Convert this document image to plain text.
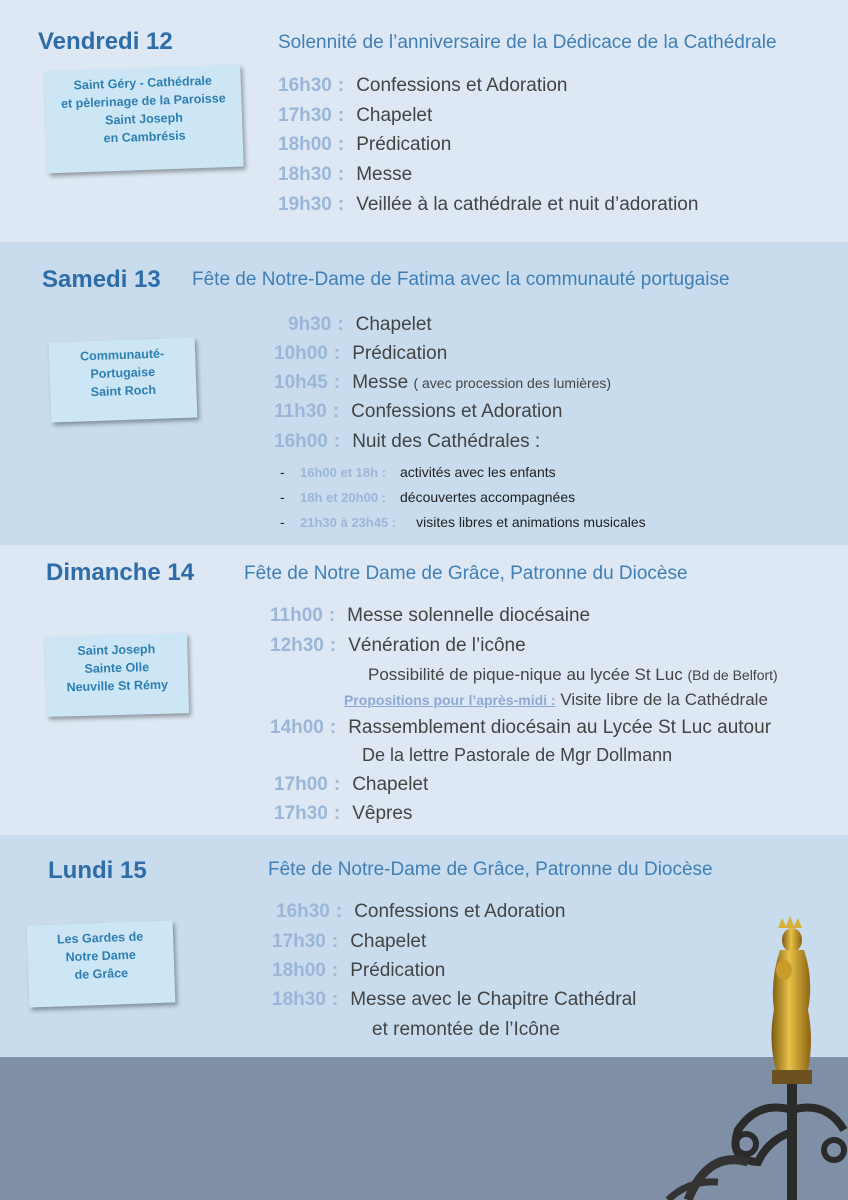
Vendredi 12	Solennité de l’anniversaire de la Dédicace de la Cathédrale
Saint Géry - Cathédrale
et pèlerinage de la Paroisse
Saint Joseph
en Cambrésis
16h30 : Confessions et Adoration
17h30 : Chapelet
18h00 : Prédication
18h30 : Messe
19h30 : Veillée à la cathédrale et nuit d’adoration
Samedi 13 Fête de Notre-Dame de Fatima avec la communauté portugaise
Communauté-
Portugaise
Saint Roch
9h30 : Chapelet
10h00 : Prédication
10h45 : Messe ( avec procession des lumières)
11h30 : Confessions et Adoration
16h00 : Nuit des Cathédrales :
- 16h00 et 18h : activités avec les enfants
- 18h et 20h00 : découvertes accompagnées
- 21h30 à 23h45 : visites libres et animations musicales
Dimanche 14	Fête de Notre Dame de Grâce, Patronne du Diocèse
Saint Joseph
Sainte Olle
Neuville St Rémy
11h00 : Messe solennelle diocésaine
12h30 : Vénération de l’icône
Possibilité de pique-nique au lycée St Luc (Bd de Belfort)
Propositions pour l’après-midi : Visite libre de la Cathédrale
14h00 : Rassemblement diocésain au Lycée St Luc autour
De la lettre Pastorale de Mgr Dollmann
17h00 : Chapelet
17h30 : Vêpres
Lundi 15	Fête de Notre-Dame de Grâce, Patronne du Diocèse
Les Gardes de
Notre Dame
de Grâce
16h30 : Confessions et Adoration
17h30 : Chapelet
18h00 : Prédication
18h30 : Messe avec le Chapitre Cathédral
et remontée de l’Icône
